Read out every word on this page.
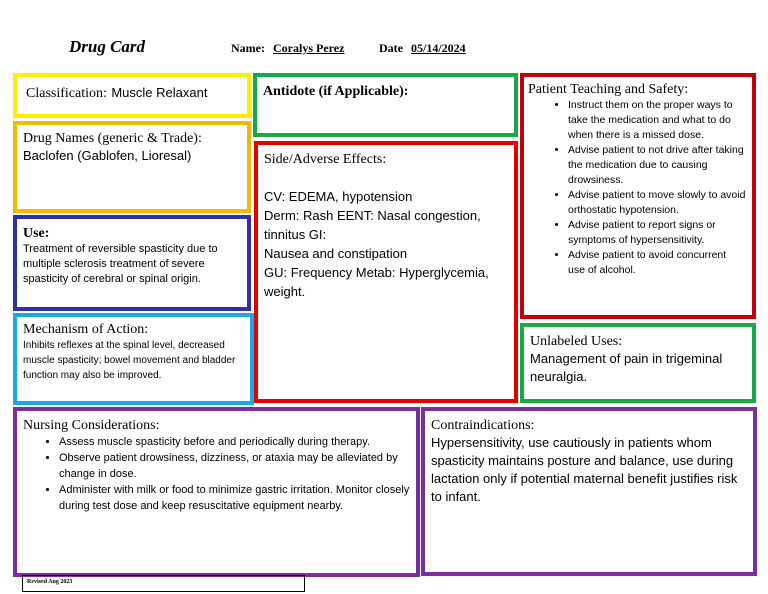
Drug Card	Name: Coralys Perez	Date 05/14/2024
Classification: Muscle Relaxant	Antidote (if Applicable):	Patient Teaching and Safety:
• Instruct them on the proper ways to take the medication and what to do when there is a missed dose.
• Advise patient to not drive after taking the medication due to causing drowsiness.
• Advise patient to move slowly to avoid orthostatic hypotension.
• Advise patient to report signs or symptoms of hypersensitivity.
• Advise patient to avoid concurrent use of alcohol.
Drug Names (generic & Trade):
Baclofen (Gablofen, Lioresal)	Side/Adverse Effects:
CV: EDEMA, hypotension
Derm: Rash EENT: Nasal congestion, tinnitus GI:
Nausea and constipation
GU: Frequency Metab: Hyperglycemia, weight.
Use:
Treatment of reversible spasticity due to multiple sclerosis treatment of severe spasticity of cerebral or spinal origin.
Mechanism of Action:
Inhibits reflexes at the spinal level, decreased muscle spasticity; bowel movement and bladder function may also be improved.
Unlabeled Uses:
Management of pain in trigeminal neuralgia.
Nursing Considerations:
• Assess muscle spasticity before and periodically during therapy.
• Observe patient drowsiness, dizziness, or ataxia may be alleviated by change in dose.
• Administer with milk or food to minimize gastric irritation. Monitor closely during test dose and keep resuscitative equipment nearby.
Contraindications:
Hypersensitivity, use cautiously in patients whom spasticity maintains posture and balance, use during lactation only if potential maternal benefit justifies risk to infant.
Revised Aug 2023
